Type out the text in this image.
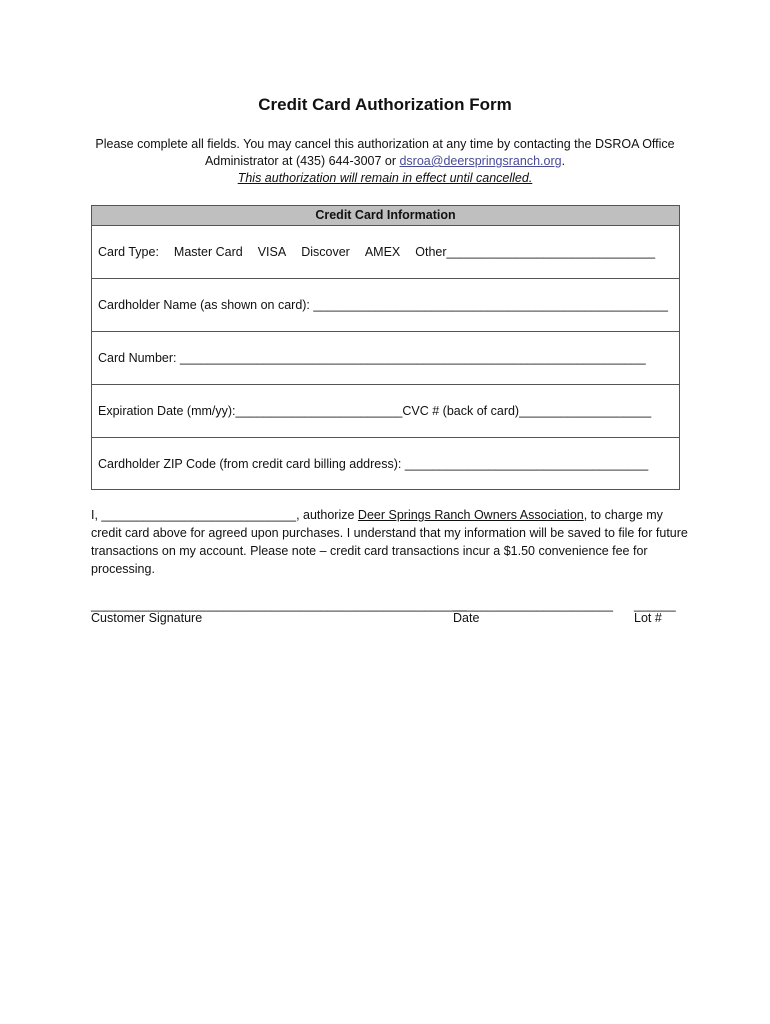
Credit Card Authorization Form
Please complete all fields. You may cancel this authorization at any time by contacting the DSROA Office
Administrator at (435) 644-3007 or dsroa@deerspringsranch.org.
This authorization will remain in effect until cancelled.
Credit Card Information
Card Type: Master Card VISA Discover AMEX Other______________________________
Cardholder Name (as shown on card): ___________________________________________________
Card Number: ___________________________________________________________________
Expiration Date (mm/yy):________________________ CVC # (back of card)___________________
Cardholder ZIP Code (from credit card billing address): ___________________________________
I, ____________________________, authorize Deer Springs Ranch Owners Association, to charge my credit card above for agreed upon purchases. I understand that my information will be saved to file for future transactions on my account. Please note – credit card transactions incur a $1.50 convenience fee for processing.
______________________________________________________
_______________________ ______
Customer Signature	Date	Lot #
